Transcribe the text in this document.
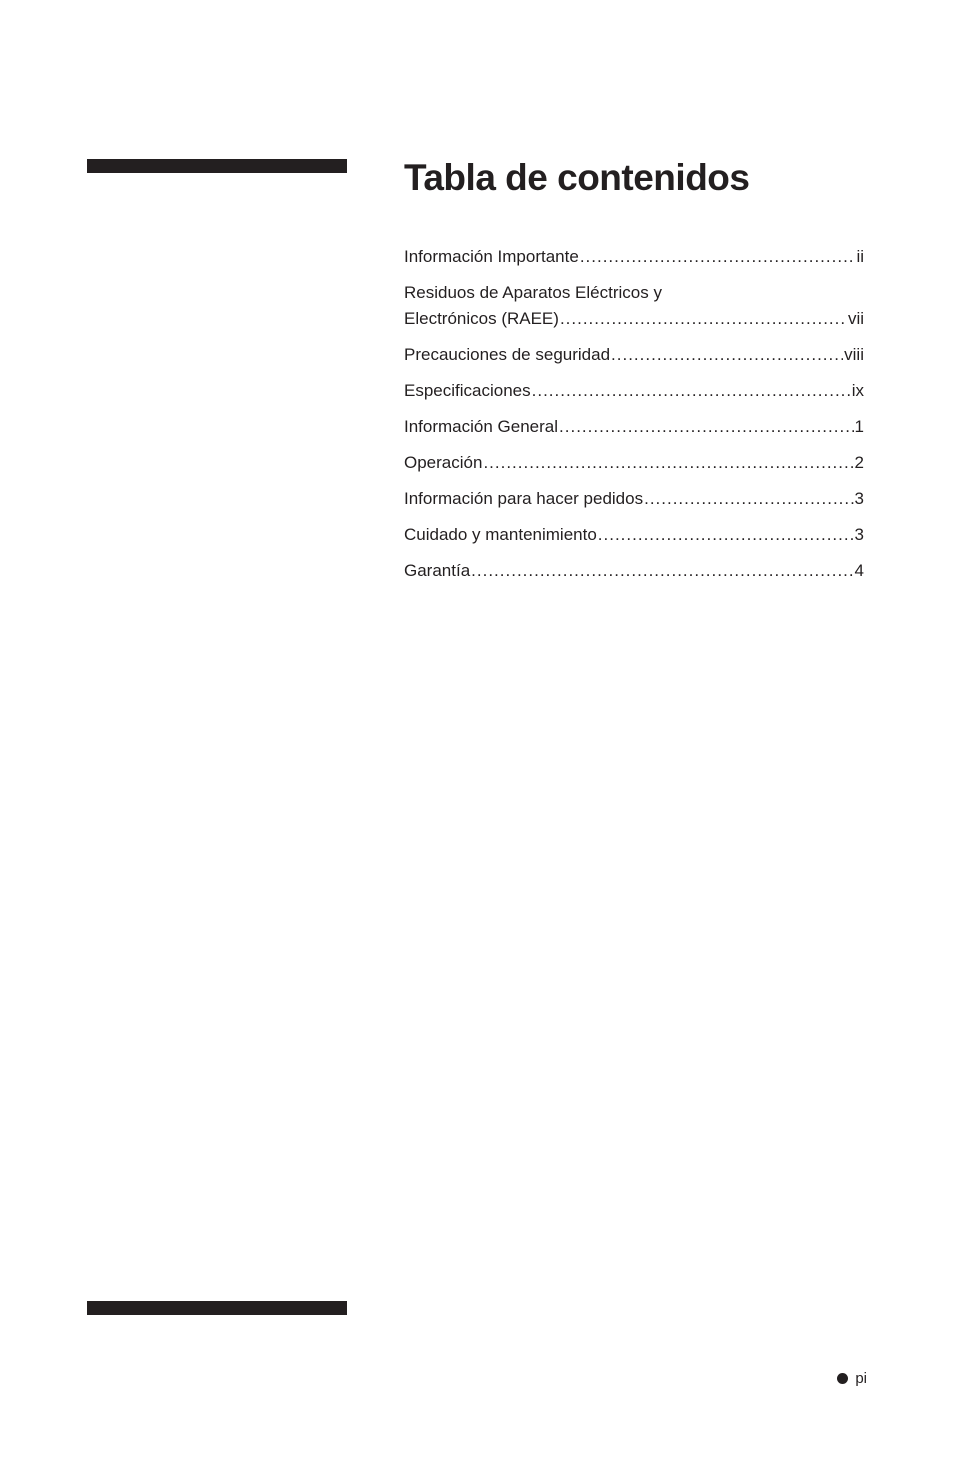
Tabla de contenidos
Información Importante .....	ii
Residuos de Aparatos Eléctricos y
Electrónicos (RAEE) .....	vii
Precauciones de seguridad .....	viii
Especificaciones .....	ix
Información General .....	1
Operación .....	2
Información para hacer pedidos .....	3
Cuidado y mantenimiento .....	3
Garantía .....	4
pi
